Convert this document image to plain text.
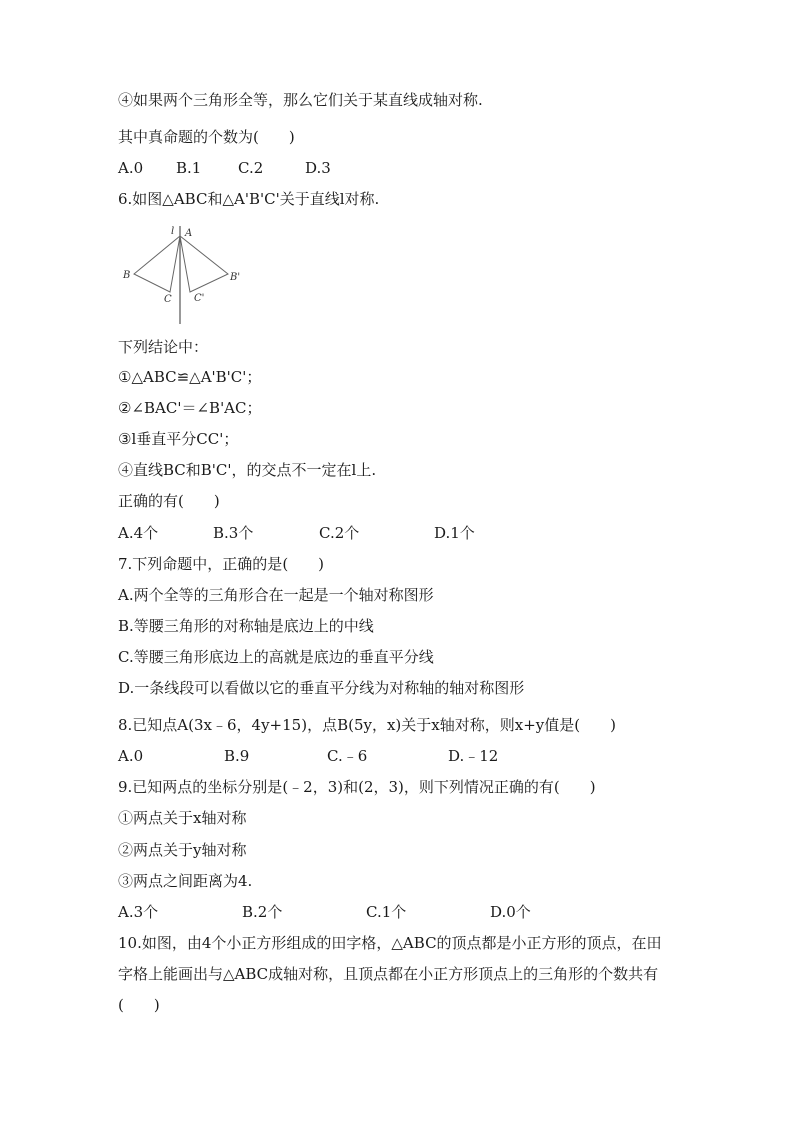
④如果两个三角形全等，那么它们关于某直线成轴对称.
其中真命题的个数为(　　)
A.0 B.1 C.2	D.3
6.如图△ABC和△A'B'C'关于直线l对称.
l A
B
C
B'
C'
下列结论中：
①△ABC≌△A'B'C'；
②∠BAC'＝∠B'AC；
③l垂直平分CC'；
④直线BC和B'C'，的交点不一定在l上.
正确的有(　　)
A.4个	B.3个	C.2个	D.1个
7.下列命题中，正确的是(　　)
A.两个全等的三角形合在一起是一个轴对称图形
B.等腰三角形的对称轴是底边上的中线
C.等腰三角形底边上的高就是底边的垂直平分线
D.一条线段可以看做以它的垂直平分线为对称轴的轴对称图形
8.已知点A(3x﹣6，4y+15)，点B(5y，x)关于x轴对称，则x+y值是(　　)
A.0	B.9	C.﹣6	D.﹣12
9.已知两点的坐标分别是(﹣2，3)和(2，3)，则下列情况正确的有(　　)
①两点关于x轴对称
②两点关于y轴对称
③两点之间距离为4.
A.3个	B.2个	C.1个	D.0个
10.如图，由4个小正方形组成的田字格，△ABC的顶点都是小正方形的顶点，在田
字格上能画出与△ABC成轴对称，且顶点都在小正方形顶点上的三角形的个数共有
(　　)
